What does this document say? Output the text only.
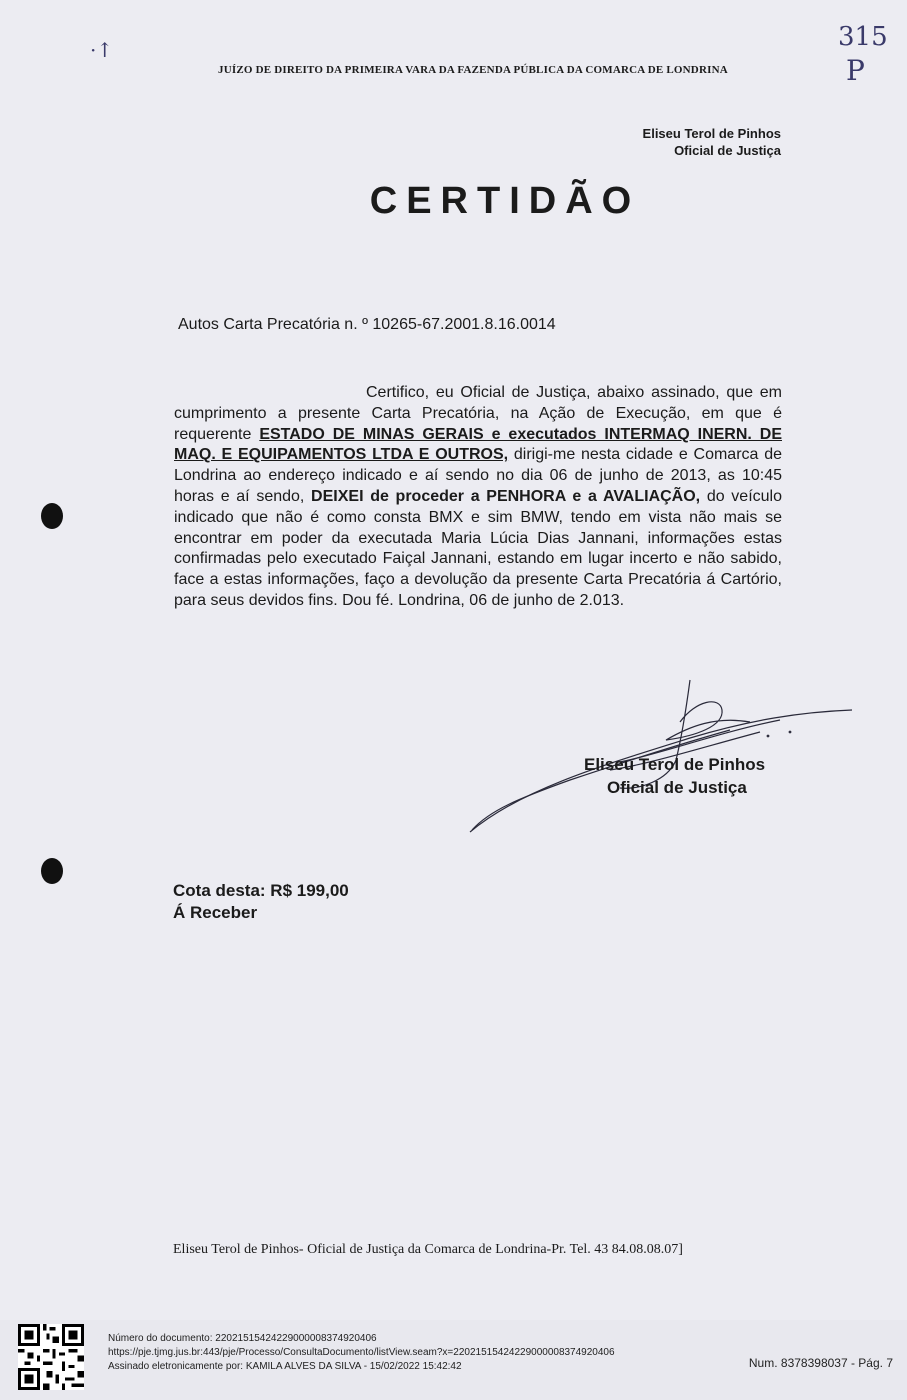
·↑
JUÍZO DE DIREITO DA PRIMEIRA VARA DA FAZENDA PÚBLICA DA COMARCA DE LONDRINA
315
P
Eliseu Terol de Pinhos
Oficial de Justiça
CERTIDÃO
Autos Carta Precatória n. º 10265-67.2001.8.16.0014

Certifico, eu Oficial de Justiça, abaixo assinado, que em cumprimento a presente Carta Precatória, na Ação de Execução, em que é requerente ESTADO DE MINAS GERAIS e executados INTERMAQ INERN. DE MAQ. E EQUIPAMENTOS LTDA E OUTROS, dirigi-me nesta cidade e Comarca de Londrina ao endereço indicado e aí sendo no dia 06 de junho de 2013, as 10:45 horas e aí sendo, DEIXEI de proceder a PENHORA e a AVALIAÇÃO, do veículo indicado que não é como consta BMX e sim BMW, tendo em vista não mais se encontrar em poder da executada Maria Lúcia Dias Jannani, informações estas confirmadas pelo executado Faiçal Jannani, estando em lugar incerto e não sabido, face a estas informações, faço a devolução da presente Carta Precatória á Cartório, para seus devidos fins. Dou fé. Londrina, 06 de junho de 2.013.

Eliseu Terol de Pinhos
Oficial de Justiça
Cota desta: R$ 199,00
Á Receber
Eliseu Terol de Pinhos- Oficial de Justiça da Comarca de Londrina-Pr. Tel. 43 84.08.08.07]
Número do documento: 22021515424229000008374920406
https://pje.tjmg.jus.br:443/pje/Processo/ConsultaDocumento/listView.seam?x=22021515424229000008374920406
Assinado eletronicamente por: KAMILA ALVES DA SILVA - 15/02/2022 15:42:42	Num. 8378398037 - Pág. 7
